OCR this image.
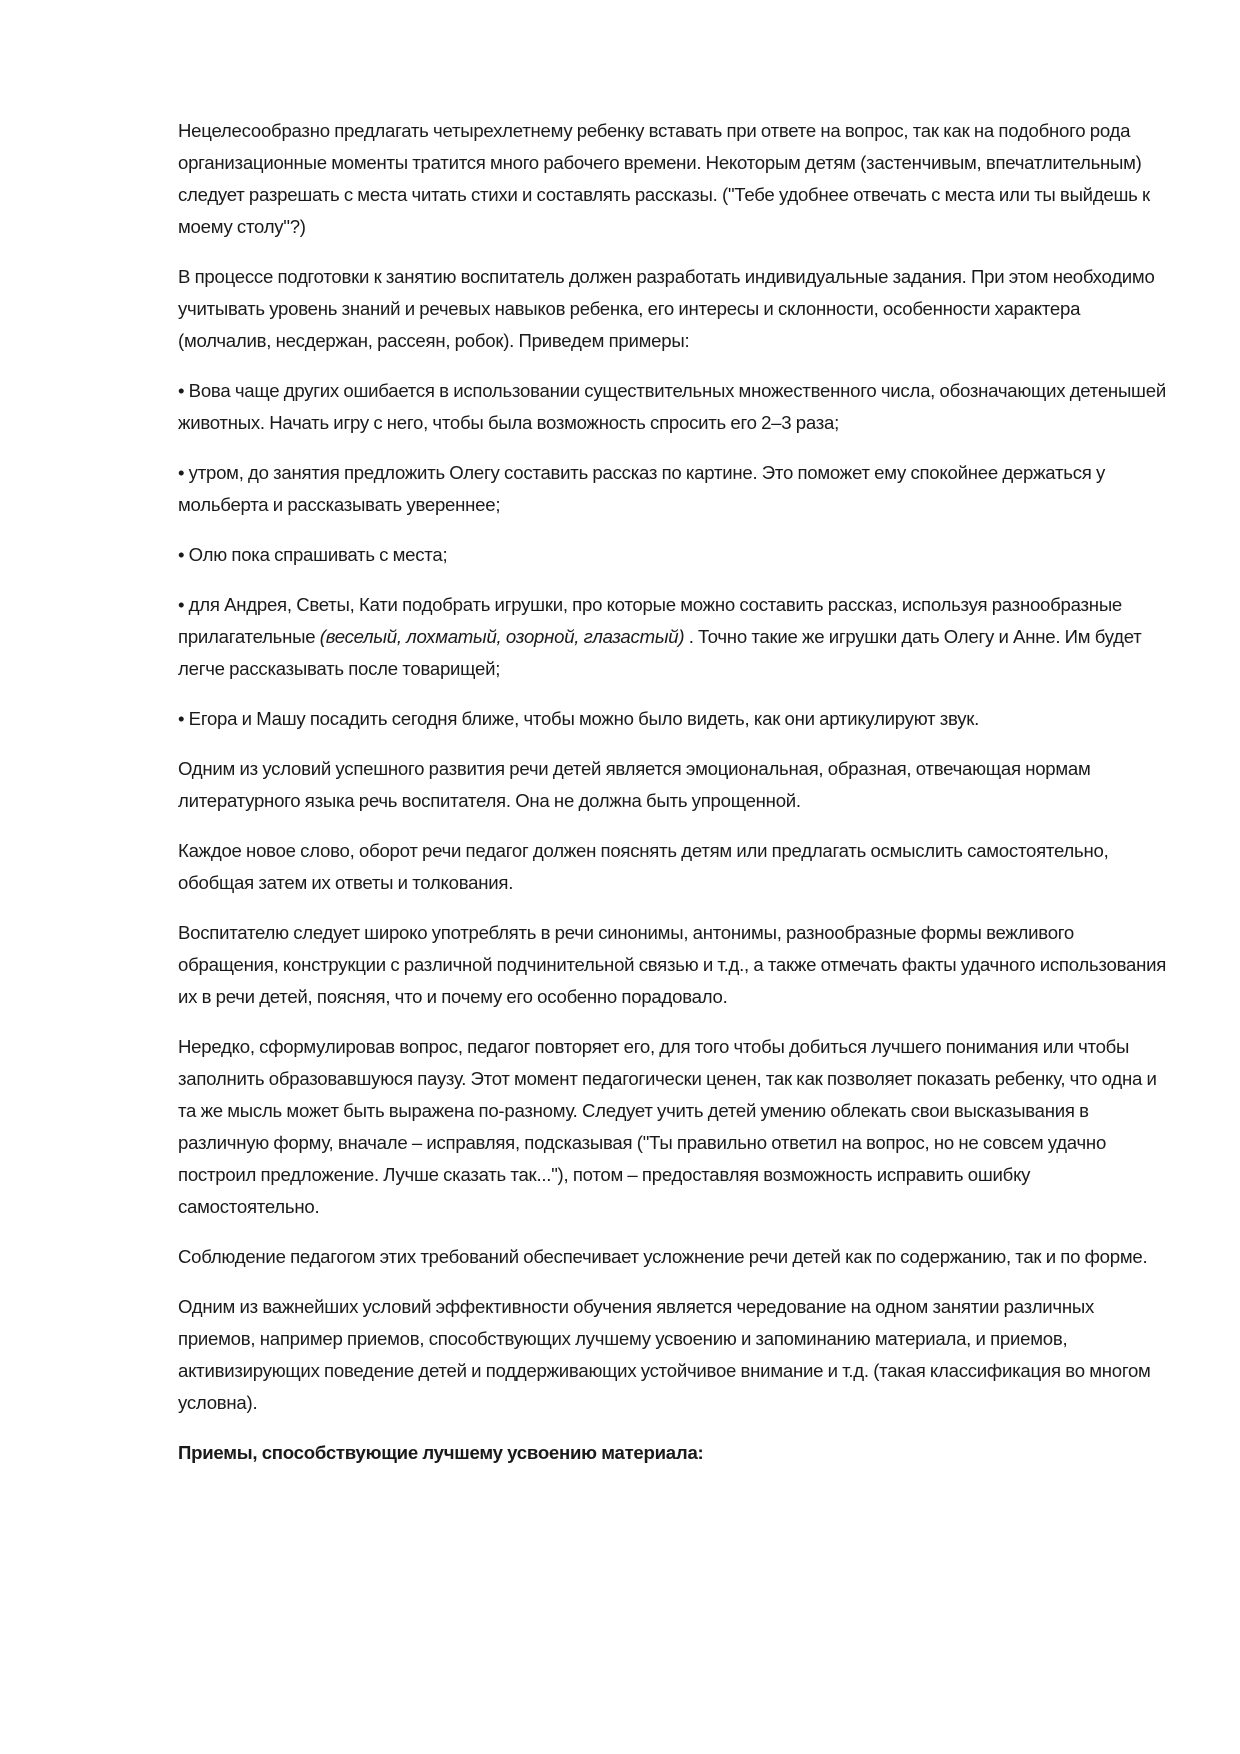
Нецелесообразно предлагать четырехлетнему ребенку вставать при ответе на вопрос, так как на подобного рода организационные моменты тратится много рабочего времени. Некоторым детям (застенчивым, впечатлительным) следует разрешать с места читать стихи и составлять рассказы. ("Тебе удобнее отвечать с места или ты выйдешь к моему столу"?)

В процессе подготовки к занятию воспитатель должен разработать индивидуальные задания. При этом необходимо учитывать уровень знаний и речевых навыков ребенка, его интересы и склонности, особенности характера (молчалив, несдержан, рассеян, робок). Приведем примеры:

• Вова чаще других ошибается в использовании существительных множественного числа, обозначающих детенышей животных. Начать игру с него, чтобы была возможность спросить его 2–3 раза;

• утром, до занятия предложить Олегу составить рассказ по картине. Это поможет ему спокойнее держаться у мольберта и рассказывать увереннее;

• Олю пока спрашивать с места;

• для Андрея, Светы, Кати подобрать игрушки, про которые можно составить рассказ, используя разнообразные прилагательные (веселый, лохматый, озорной, глазастый) . Точно такие же игрушки дать Олегу и Анне. Им будет легче рассказывать после товарищей;

• Егора и Машу посадить сегодня ближе, чтобы можно было видеть, как они артикулируют звук.

Одним из условий успешного развития речи детей является эмоциональная, образная, отвечающая нормам литературного языка речь воспитателя. Она не должна быть упрощенной.

Каждое новое слово, оборот речи педагог должен пояснять детям или предлагать осмыслить самостоятельно, обобщая затем их ответы и толкования.

Воспитателю следует широко употреблять в речи синонимы, антонимы, разнообразные формы вежливого обращения, конструкции с различной подчинительной связью и т.д., а также отмечать факты удачного использования их в речи детей, поясняя, что и почему его особенно порадовало.

Нередко, сформулировав вопрос, педагог повторяет его, для того чтобы добиться лучшего понимания или чтобы заполнить образовавшуюся паузу. Этот момент педагогически ценен, так как позволяет показать ребенку, что одна и та же мысль может быть выражена по-разному. Следует учить детей умению облекать свои высказывания в различную форму, вначале – исправляя, подсказывая ("Ты правильно ответил на вопрос, но не совсем удачно построил предложение. Лучше сказать так..."), потом – предоставляя возможность исправить ошибку самостоятельно.

Соблюдение педагогом этих требований обеспечивает усложнение речи детей как по содержанию, так и по форме.

Одним из важнейших условий эффективности обучения является чередование на одном занятии различных приемов, например приемов, способствующих лучшему усвоению и запоминанию материала, и приемов, активизирующих поведение детей и поддерживающих устойчивое внимание и т.д. (такая классификация во многом условна).

Приемы, способствующие лучшему усвоению материала:
